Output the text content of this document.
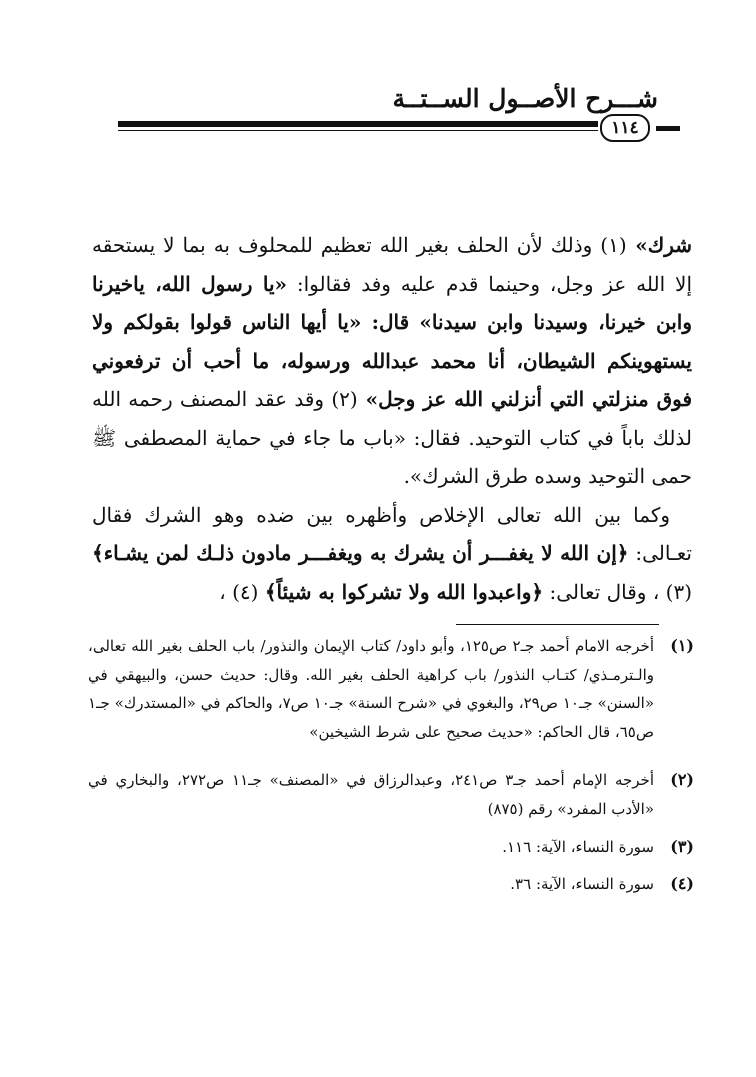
شـــرح الأصــول الســتــة
١١٤

شرك» (١) وذلك لأن الحلف بغير الله تعظيم للمحلوف به بما لا يستحقه إلا الله عز وجل، وحينما قدم عليه وفد فقالوا: «يا رسول الله، ياخيرنا وابن خيرنا، وسيدنا وابن سيدنا» قال: «يا أيها الناس قولوا بقولكم ولا يستهوينكم الشيطان، أنا محمد عبدالله ورسوله، ما أحب أن ترفعوني فوق منزلتي التي أنزلني الله عز وجل» (٢) وقد عقد المصنف رحمه الله لذلك باباً في كتاب التوحيد. فقال: «باب ما جاء في حماية المصطفى ﷺ حمى التوحيد وسده طرق الشرك».

وكما بين الله تعالى الإخلاص وأظهره بين ضده وهو الشرك فقال تعـالى: ﴿إن الله لا يغفـــر أن يشرك به ويغفـــر مادون ذلـك لمن يشـاء﴾ (٣) ، وقال تعالى: ﴿واعبدوا الله ولا تشركوا به شيئاً﴾ (٤) ،

(١)
أخرجه الامام أحمد جـ٢ ص١٢٥، وأبو داود/ كتاب الإيمان والنذور/ باب الحلف بغير الله تعالى، والـترمـذي/ كتـاب النذور/ باب كراهية الحلف بغير الله. وقال: حديث حسن، والبيهقي في «السنن» جـ١٠ ص٢٩، والبغوي في «شرح السنة» جـ١٠ ص٧، والحاكم في «المستدرك» جـ١ ص٦٥، قال الحاكم: «حديث صحيح على شرط الشيخين»

(٢)
أخرجه الإمام أحمد جـ٣ ص٢٤١، وعبدالرزاق في «المصنف» جـ١١ ص٢٧٢، والبخاري في «الأدب المفرد» رقم (٨٧٥)

(٣)
سورة النساء، الآية: ١١٦.

(٤)
سورة النساء، الآية: ٣٦.
